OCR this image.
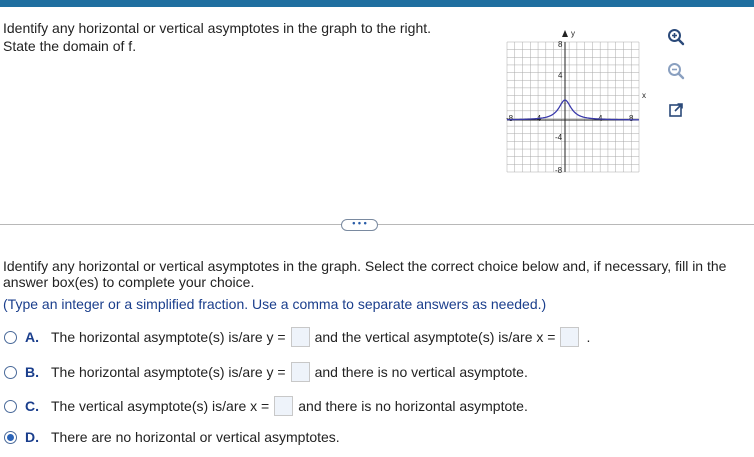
Identify any horizontal or vertical asymptotes in the graph to the right. State the domain of f.
y
x
8
4
-4
-8
-8	-4	4	8
• • •
Identify any horizontal or vertical asymptotes in the graph. Select the correct choice below and, if necessary, fill in the answer box(es) to complete your choice.
(Type an integer or a simplified fraction. Use a comma to separate answers as needed.)
A. The horizontal asymptote(s) is/are y = and the vertical asymptote(s) is/are x = .
B. The horizontal asymptote(s) is/are y = and there is no vertical asymptote.
C. The vertical asymptote(s) is/are x = and there is no horizontal asymptote.
D. There are no horizontal or vertical asymptotes.
